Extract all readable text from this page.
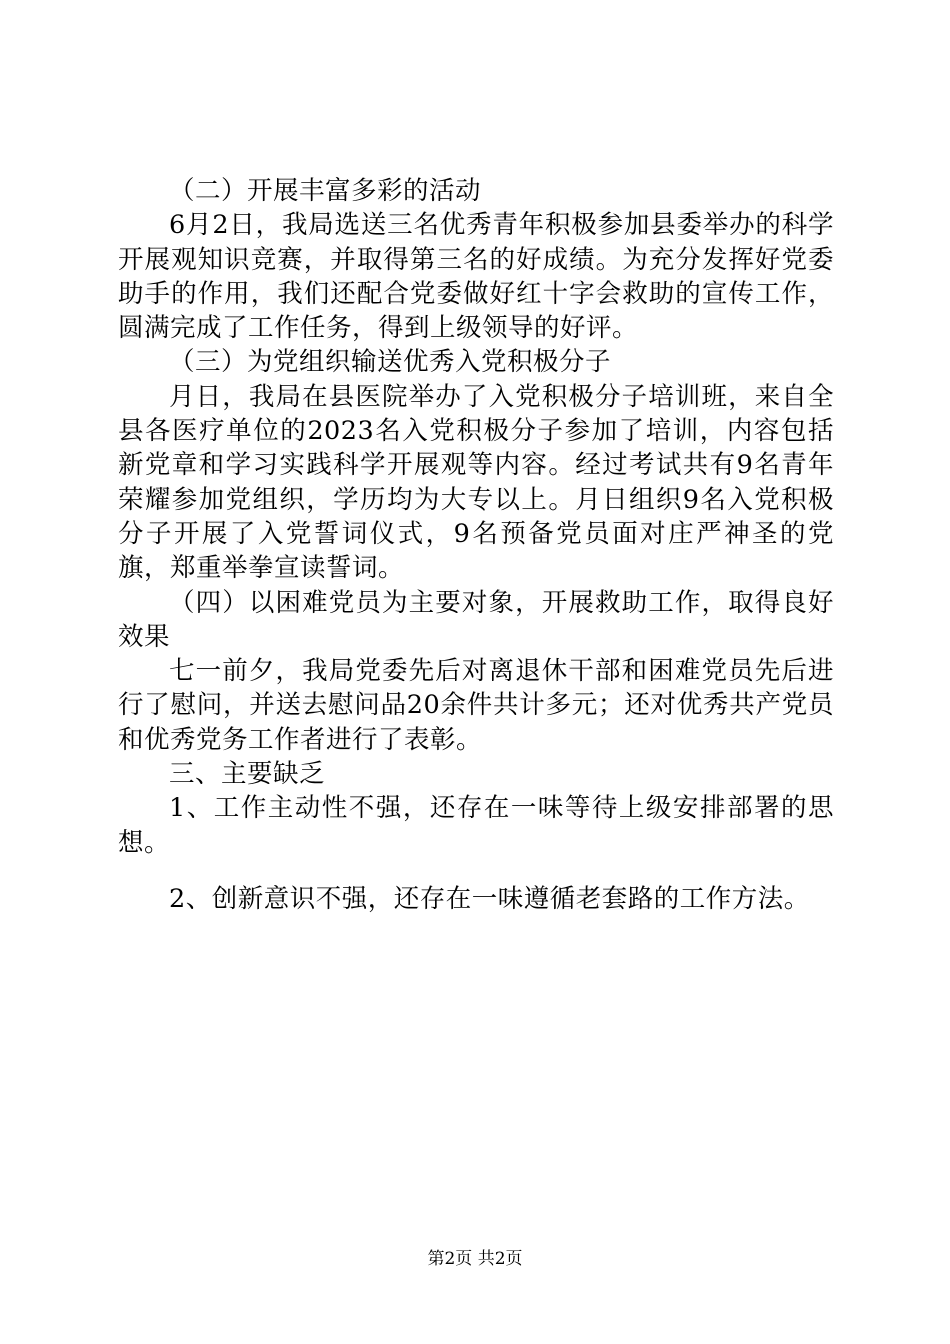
（二）开展丰富多彩的活动

6月2日，我局选送三名优秀青年积极参加县委举办的科学开展观知识竞赛，并取得第三名的好成绩。为充分发挥好党委助手的作用，我们还配合党委做好红十字会救助的宣传工作，圆满完成了工作任务，得到上级领导的好评。

（三）为党组织输送优秀入党积极分子

月日，我局在县医院举办了入党积极分子培训班，来自全县各医疗单位的2023名入党积极分子参加了培训，内容包括新党章和学习实践科学开展观等内容。经过考试共有9名青年荣耀参加党组织，学历均为大专以上。月日组织9名入党积极分子开展了入党誓词仪式，9名预备党员面对庄严神圣的党旗，郑重举拳宣读誓词。

（四）以困难党员为主要对象，开展救助工作，取得良好效果

七一前夕，我局党委先后对离退休干部和困难党员先后进行了慰问，并送去慰问品20余件共计多元；还对优秀共产党员和优秀党务工作者进行了表彰。

三、主要缺乏

1、工作主动性不强，还存在一味等待上级安排部署的思想。

2、创新意识不强，还存在一味遵循老套路的工作方法。

第2页 共2页
